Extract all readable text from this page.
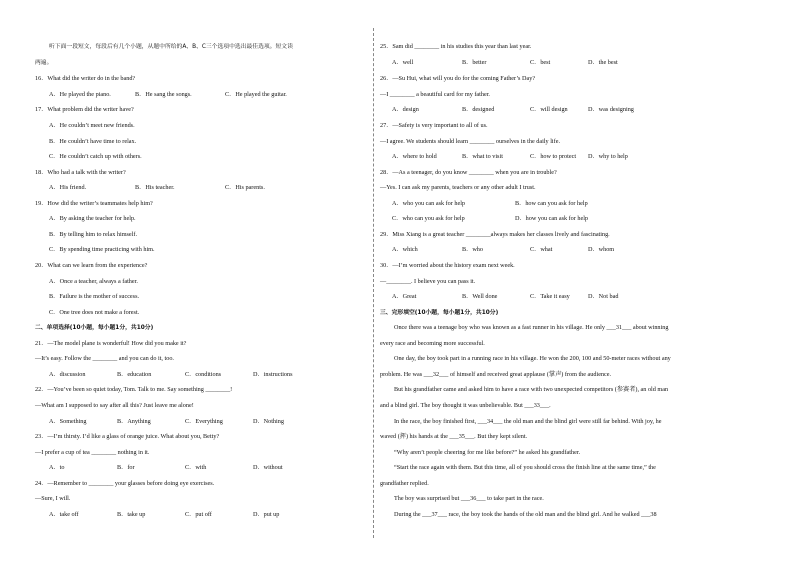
听下面一段短文，每段后有几个小题，从题中所给的A、B、C三个选项中选出最佳选项。短文读
两遍。
16．What did the writer do in the band?
A．He played the piano.	B．He sang the songs.	C．He played the guitar.
17．What problem did the writer have?
A．He couldn’t meet new friends.
B．He couldn’t have time to relax.
C．He couldn’t catch up with others.
18．Who had a talk with the writer?
A．His friend.	B．His teacher.	C．His parents.
19．How did the writer’s teammates help him?
A．By asking the teacher for help.
B．By telling him to relax himself.
C．By spending time practicing with him.
20．What can we learn from the experience?
A．Once a teacher, always a father.
B．Failure is the mother of success.
C．One tree does not make a forest.
二、单项选择(10小题，每小题1分，共10分)
21．—The model plane is wonderful! How did you make it?
—It’s easy. Follow the ________ and you can do it, too.
A．discussion	B．education	C．conditions	D．instructions
22．—You’ve been so quiet today, Tom. Talk to me. Say something ________!
—What am I supposed to say after all this? Just leave me alone!
A．Something	B．Anything	C．Everything	D．Nothing
23．—I’m thirsty. I’d like a glass of orange juice. What about you, Betty?
—I prefer a cup of tea ________ nothing in it.
A．to	B．for	C．with	D．without
24．—Remember to ________ your glasses before doing eye exercises.
—Sure, I will.
A．take off	B．take up	C．put off	D．put up
25．Sam did ________ in his studies this year than last year.
A．well	B．better	C．best	D．the best
26．—Su Hui, what will you do for the coming Father’s Day?
—I ________ a beautiful card for my father.
A．design	B．designed	C．will design	D．was designing
27．—Safety is very important to all of us.
—I agree. We students should learn ________ ourselves in the daily life.
A．where to hold	B．what to visit	C．how to protect D．why to help
28．—As a teenager, do you know ________ when you are in trouble?
—Yes. I can ask my parents, teachers or any other adult I trust.
A．who you can ask for help	B．how can you ask for help
C．who can you ask for help	D．how you can ask for help
29．Miss Xiang is a great teacher ________always makes her classes lively and fascinating.
A．which	B．who	C．what	D．whom
30．—I’m worried about the history exam next week.
—________. I believe you can pass it.
A．Great	B．Well done	C．Take it easy	D．Not bad
三、完形填空(10小题，每小题1分，共10分)
Once there was a teenage boy who was known as a fast runner in his village. He only ___31___ about winning
every race and becoming more successful.
One day, the boy took part in a running race in his village. He won the 200, 100 and 50-meter races without any
problem. He was ___32___ of himself and received great applause (掌声) from the audience.
But his grandfather came and asked him to have a race with two unexpected competitors (参赛者), an old man
and a blind girl. The boy thought it was unbelievable. But ___33___.
In the race, the boy finished first, ___34___ the old man and the blind girl were still far behind. With joy, he
waved (挥) his hands at the ___35___. But they kept silent.
“Why aren’t people cheering for me like before?” he asked his grandfather.
“Start the race again with them. But this time, all of you should cross the finish line at the same time,” the
grandfather replied.
The boy was surprised but ___36___ to take part in the race.
During the ___37___ race, the boy took the hands of the old man and the blind girl. And he walked ___38
